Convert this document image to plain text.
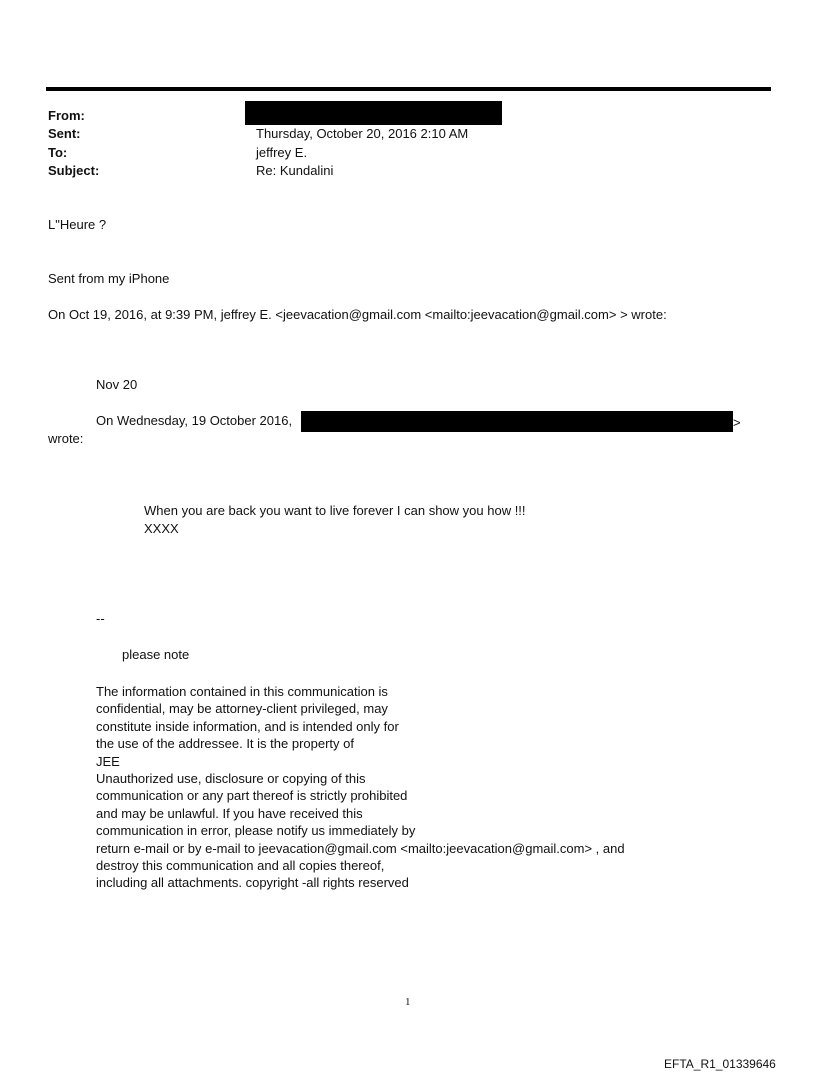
From:
Sent:	Thursday, October 20, 2016 2:10 AM
To:	jeffrey E.
Subject:	Re: Kundalini
L"Heure ?
Sent from my iPhone
On Oct 19, 2016, at 9:39 PM, jeffrey E. <jeevacation@gmail.com <mailto:jeevacation@gmail.com> > wrote:
Nov 20
On Wednesday, 19 October 2016,	>
wrote:
When you are back you want to live forever I can show you how !!!
XXXX
--
please note
The information contained in this communication is
confidential, may be attorney-client privileged, may
constitute inside information, and is intended only for
the use of the addressee. It is the property of
JEE
Unauthorized use, disclosure or copying of this
communication or any part thereof is strictly prohibited
and may be unlawful. If you have received this
communication in error, please notify us immediately by
return e-mail or by e-mail to jeevacation@gmail.com <mailto:jeevacation@gmail.com> , and
destroy this communication and all copies thereof,
including all attachments. copyright -all rights reserved
1
EFTA_R1_01339646
